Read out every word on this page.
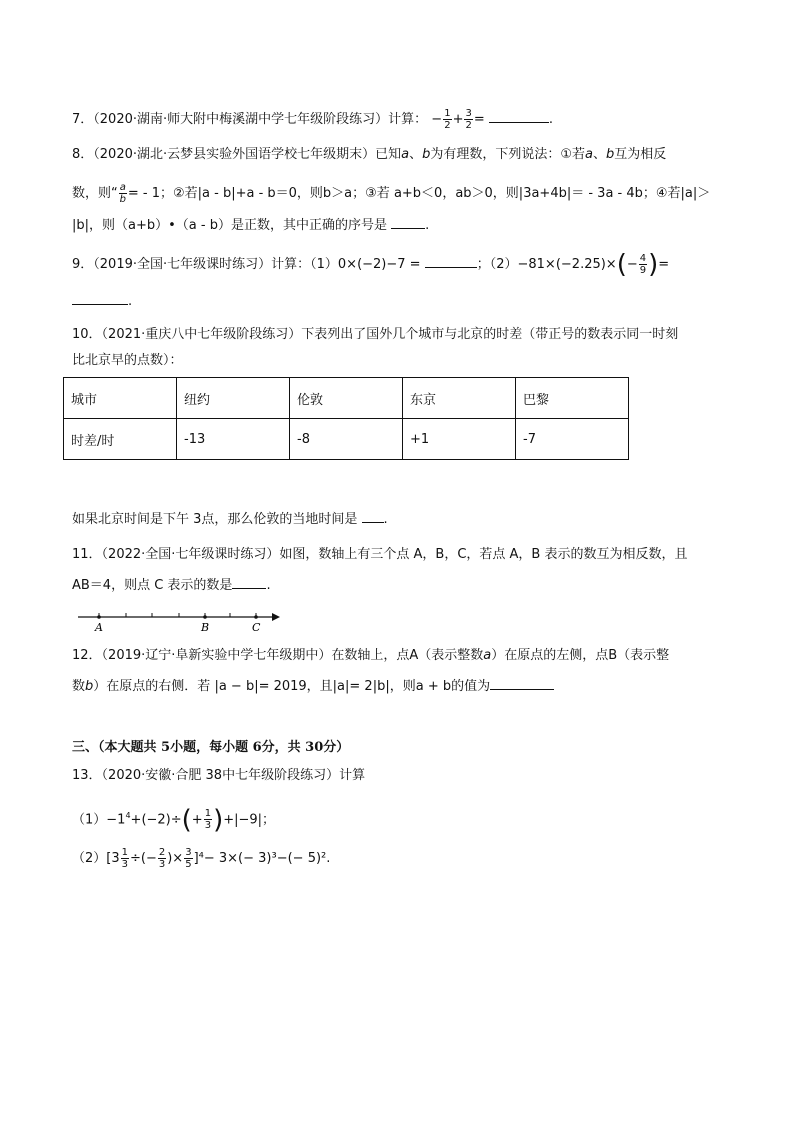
7．（2020·湖南·师大附中梅溪湖中学七年级阶段练习）计算： − $\frac{1}{2} + \frac{3}{2}$ =	.
8．（2020·湖北·云梦县实验外国语学校七年级期末）已知a、b为有理数，下列说法：①若a、b互为相反
数，则“ $\frac{a}{b}$ = - 1；②若|a - b|+a - b＝0，则b＞a；③若 a+b＜0，ab＞0，则|3a+4b|＝ - 3a - 4b；④若|a|＞
|b|，则（a+b）•（a - b）是正数，其中正确的序号是	.
9．（2019·全国·七年级课时练习）计算：（1）0×(−2)−7 =	；$(2)-81\times(-2.25)\times(- \frac{4}{9}$ )=
.
10．（2021·重庆八中七年级阶段练习）下表列出了国外几个城市与北京的时差（带正号的数表示同一时刻
比北京早的点数）：
城市	纽约	伦敦	东京	巴黎
时差/时	-13	-8	+1	-7
如果北京时间是下午 3点，那么伦敦的当地时间是 .
11．（2022·全国·七年级课时练习）如图，数轴上有三个点 A，B，C，若点 A，B 表示的数互为相反数，且
AB＝4，则点 C 表示的数是	.
A	B	C
12．（2019·辽宁·阜新实验中学七年级期中）在数轴上，点A（表示整数a）在原点的左侧，点B（表示整
数b）在原点的右侧．若 |a − b|= 2019，且|a|= 2|b|，则a + b的值为
三、（本大题共 5小题，每小题 6分，共 30分）
13．（2020·安徽·合肥 38中七年级阶段练习）计算
$(1)-1^4+(-2)\div(+ \frac{1}{3} )+|-9|$；
$(2)[3 \frac{1}{3}$ ÷(− $\frac{2}{3}$ )× $\frac{3}{5} ]^4- 3\times(- 3)^3-(- 5)^2$.
